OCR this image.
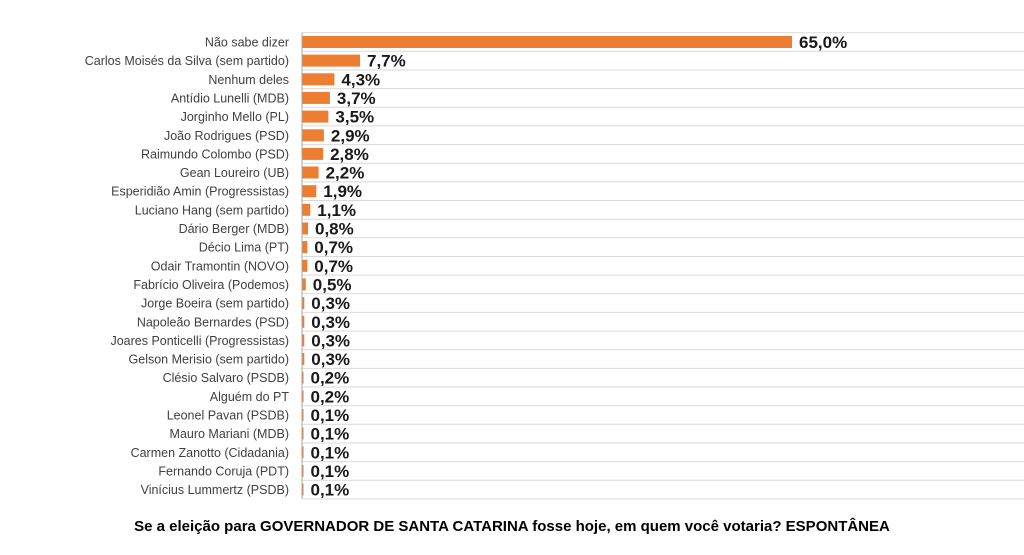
Não sabe dizer
Carlos Moisés da Silva (sem partido)
Nenhum deles
Antídio Lunelli (MDB)
Jorginho Mello (PL)
João Rodrigues (PSD)
Raimundo Colombo (PSD)
Gean Loureiro (UB)
Esperidião Amin (Progressistas)
Luciano Hang (sem partido)
Dário Berger (MDB)
Décio Lima (PT)
Odair Tramontin (NOVO)
Fabrício Oliveira (Podemos)
Jorge Boeira (sem partido)
Napoleão Bernardes (PSD)
Joares Ponticelli (Progressistas)
Gelson Merisio (sem partido)
Clésio Salvaro (PSDB)
Alguém do PT
Leonel Pavan (PSDB)
Mauro Mariani (MDB)
Carmen Zanotto (Cidadania)
Fernando Coruja (PDT)
Vinícius Lummertz (PSDB)
65,0%
7,7%
4,3%
3,7%
3,5%
2,9%
2,8%
2,2%
1,9%
1,1%
0,8%
0,7%
0,7%
0,5%
0,3%
0,3%
0,3%
0,3%
0,2%
0,2%
0,1%
0,1%
0,1%
0,1%
0,1%
Se a eleição para GOVERNADOR DE SANTA CATARINA fosse hoje, em quem você votaria? ESPONTÂNEA
